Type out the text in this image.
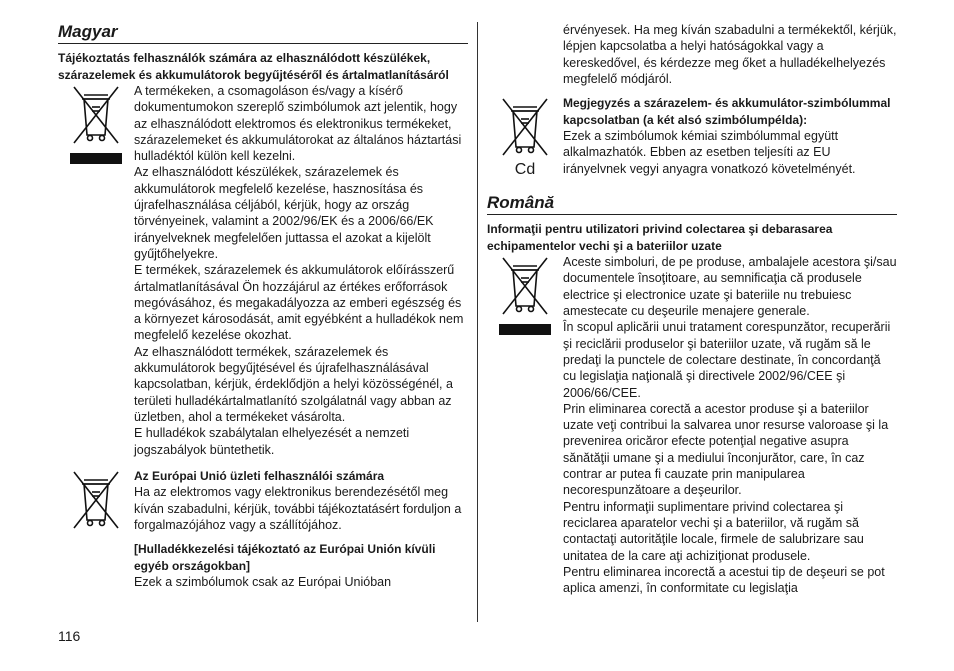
Magyar

Tájékoztatás felhasználók számára az elhasználódott készülékek, szárazelemek és akkumulátorok begyűjtéséről és ártalmatlanításáról

A termékeken, a csomagoláson és/vagy a kísérő dokumentumokon szereplő szimbólumok azt jelentik, hogy az elhasználódott elektromos és elektronikus termékeket, szárazelemeket és akkumulátorokat az általános háztartási hulladéktól külön kell kezelni.

Az elhasználódott készülékek, szárazelemek és akkumulátorok megfelelő kezelése, hasznosítása és újrafelhasználása céljából, kérjük, hogy az ország törvényeinek, valamint a 2002/96/EK és a 2006/66/EK irányelveknek megfelelően juttassa el azokat a kijelölt gyűjtőhelyekre.

E termékek, szárazelemek és akkumulátorok előírásszerű ártalmatlanításával Ön hozzájárul az értékes erőforrások megóvásához, és megakadályozza az emberi egészség és a környezet károsodását, amit egyébként a hulladékok nem megfelelő kezelése okozhat.

Az elhasználódott termékek, szárazelemek és akkumulátorok begyűjtésével és újrafelhasználásával kapcsolatban, kérjük, érdeklődjön a helyi közösségénél, a területi hulladékártalmatlanító szolgálatnál vagy abban az üzletben, ahol a termékeket vásárolta.

E hulladékok szabálytalan elhelyezését a nemzeti jogszabályok büntethetik.

Az Európai Unió üzleti felhasználói számára

Ha az elektromos vagy elektronikus berendezésétől meg kíván szabadulni, kérjük, további tájékoztatásért forduljon a forgalmazójához vagy a szállítójához.

[Hulladékkezelési tájékoztató az Európai Unión kívüli egyéb országokban]

Ezek a szimbólumok csak az Európai Unióban

érvényesek. Ha meg kíván szabadulni a termékektől, kérjük, lépjen kapcsolatba a helyi hatóságokkal vagy a kereskedővel, és kérdezze meg őket a hulladékelhelyezés megfelelő módjáról.

Cd

Megjegyzés a szárazelem- és akkumulátor-szimbólummal kapcsolatban (a két alsó szimbólumpélda):

Ezek a szimbólumok kémiai szimbólummal együtt alkalmazhatók. Ebben az esetben teljesíti az EU irányelvnek vegyi anyagra vonatkozó követelményét.

Română

Informaţii pentru utilizatori privind colectarea şi debarasarea echipamentelor vechi şi a bateriilor uzate

Aceste simboluri, de pe produse, ambalajele acestora şi/sau documentele însoţitoare, au semnificaţia că produsele electrice şi electronice uzate şi bateriile nu trebuiesc amestecate cu deşeurile menajere generale.

În scopul aplicării unui tratament corespunzător, recuperării şi reciclării produselor şi bateriilor uzate, vă rugăm să le predaţi la punctele de colectare destinate, în concordanţă cu legislaţia naţională şi directivele 2002/96/CEE şi 2006/66/CEE.

Prin eliminarea corectă a acestor produse şi a bateriilor uzate veţi contribui la salvarea unor resurse valoroase şi la prevenirea oricăror efecte potenţial negative asupra sănătăţii umane şi a mediului înconjurător, care, în caz contrar ar putea fi cauzate prin manipularea necorespunzătoare a deşeurilor.

Pentru informaţii suplimentare privind colectarea şi reciclarea aparatelor vechi şi a bateriilor, vă rugăm să contactaţi autorităţile locale, firmele de salubrizare sau unitatea de la care aţi achiziţionat produsele.

Pentru eliminarea incorectă a acestui tip de deşeuri se pot aplica amenzi, în conformitate cu legislaţia

116
